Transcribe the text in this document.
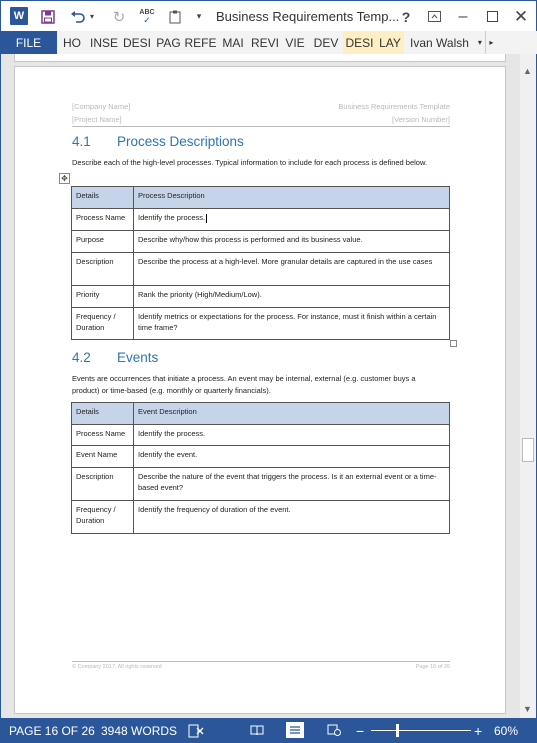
W	▾ ↻	ABC
✓	▾ Business Requirements Temp... ?	–	✕
FILE	HO INSE DESI PAG REFE MAI REVI VIE DEV DESI LAY Ivan Walsh	▾ ▸
[Company Name]
[Project Name]
Business Requirements Template
[Version Number]
4.1 Process Descriptions
Describe each of the high-level processes. Typical information to include for each process is defined below.
✥
Details	Process Description
Process Name	Identify the process.
Purpose	Describe why/how this process is performed and its business value.
Description	Describe the process at a high-level. More granular details are captured in the use cases
Priority	Rank the priority (High/Medium/Low).
Frequency / Duration	Identify metrics or expectations for the process. For instance, must it finish within a certain time frame?
4.2 Events
Events are occurrences that initiate a process. An event may be internal, external (e.g. customer buys a product) or time-based (e.g. monthly or quarterly financials).
Details	Event Description
Process Name	Identify the process.
Event Name	Identify the event.
Description	Describe the nature of the event that triggers the process. Is it an external event or a time-based event?
Frequency / Duration	Identify the frequency of duration of the event.
© Company 2017. All rights reserved	Page 16 of 26
▲
▼
PAGE 16 OF 26 3948 WORDS	−	+ 60%
